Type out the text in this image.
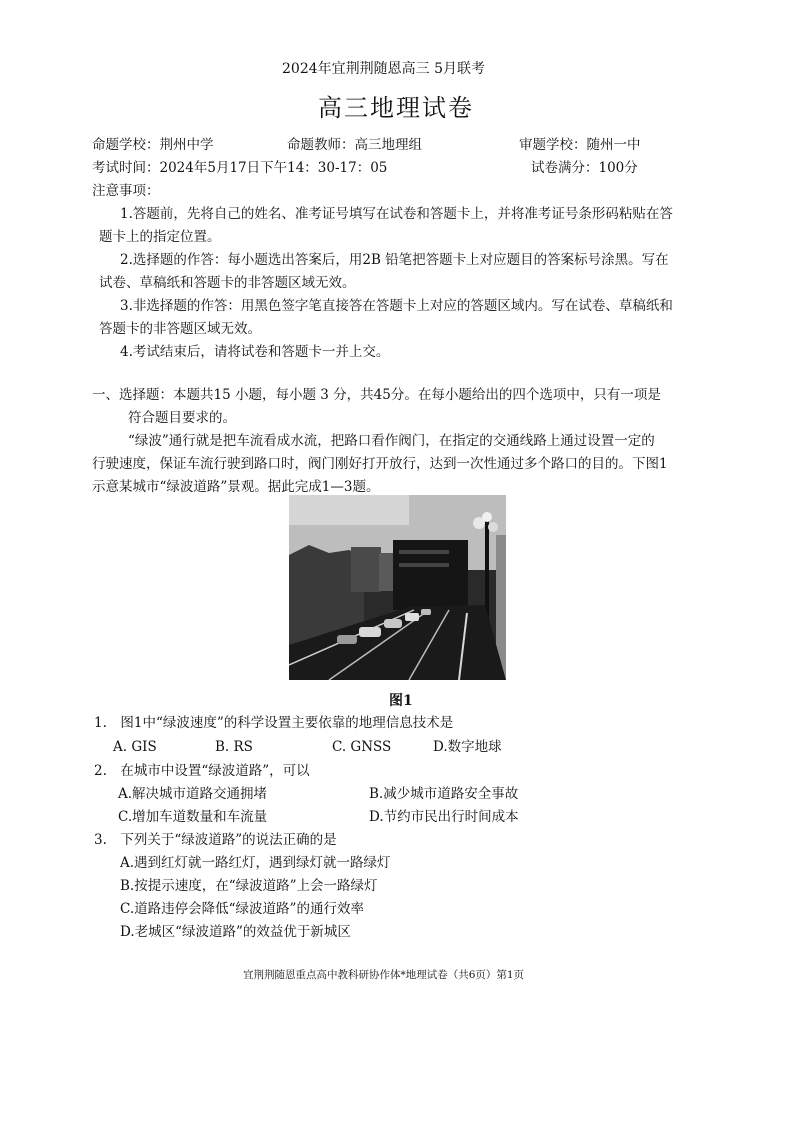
2024年宜荆荆随恩高三 5月联考
高三地理试卷
命题学校：荆州中学	命题教师：高三地理组	审题学校：随州一中
考试时间：2024年5月17日下午14：30-17：05	试卷满分：100分
注意事项：
1.答题前，先将自己的姓名、准考证号填写在试卷和答题卡上，并将准考证号条形码粘贴在答
题卡上的指定位置。
2.选择题的作答：每小题选出答案后，用2B 铅笔把答题卡上对应题目的答案标号涂黑。写在
试卷、草稿纸和答题卡的非答题区域无效。
3.非选择题的作答：用黑色签字笔直接答在答题卡上对应的答题区域内。写在试卷、草稿纸和
答题卡的非答题区域无效。
4.考试结束后，请将试卷和答题卡一并上交。
一、选择题：本题共15 小题，每小题 3 分，共45分。在每小题给出的四个选项中，只有一项是
符合题目要求的。
“绿波”通行就是把车流看成水流，把路口看作阀门，在指定的交通线路上通过设置一定的
行驶速度，保证车流行驶到路口时，阀门刚好打开放行，达到一次性通过多个路口的目的。下图1
示意某城市“绿波道路”景观。据此完成1—3题。
图1
1.　图1中“绿波速度”的科学设置主要依靠的地理信息技术是
A. GIS	B. RS	C. GNSS	D.数字地球
2.　在城市中设置“绿波道路”，可以
A.解决城市道路交通拥堵	B.减少城市道路安全事故
C.增加车道数量和车流量	D.节约市民出行时间成本
3.　下列关于“绿波道路”的说法正确的是
A.遇到红灯就一路红灯，遇到绿灯就一路绿灯
B.按提示速度，在“绿波道路”上会一路绿灯
C.道路违停会降低“绿波道路”的通行效率
D.老城区“绿波道路”的效益优于新城区
宜荆荆随恩重点高中教科研协作体*地理试卷（共6页）第1页
